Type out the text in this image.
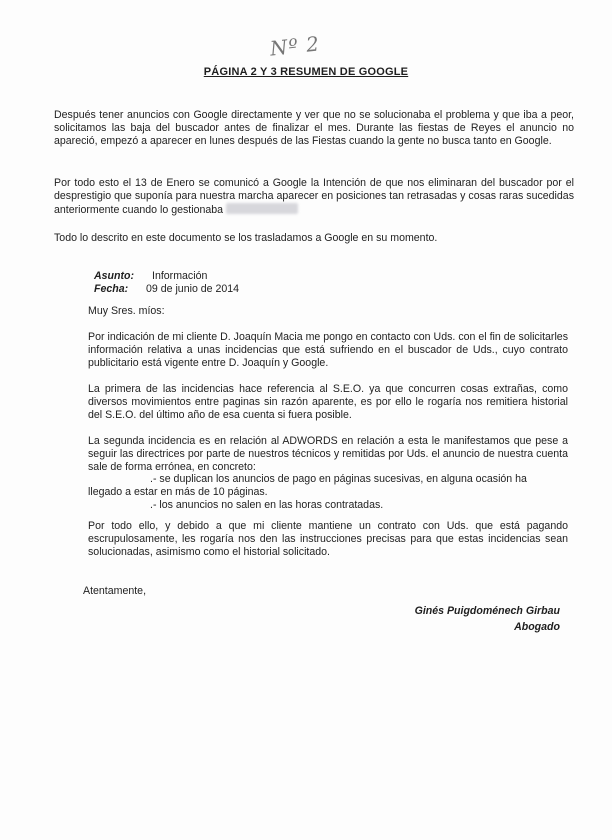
Nº 2
PÁGINA 2 Y 3 RESUMEN DE GOOGLE

Después tener anuncios con Google directamente y ver que no se solucionaba el problema y que iba a peor, solicitamos las baja del buscador antes de finalizar el mes. Durante las fiestas de Reyes el anuncio no apareció, empezó a aparecer en lunes después de las Fiestas cuando la gente no busca tanto en Google.

Por todo esto el 13 de Enero se comunicó a Google la Intención de que nos eliminaran del buscador por el desprestigio que suponía para nuestra marcha aparecer en posiciones tan retrasadas y cosas raras sucedidas anteriormente cuando lo gestionaba

Todo lo descrito en este documento se los trasladamos a Google en su momento.

Asunto: Información
Fecha: 09 de junio de 2014

Muy Sres. míos:

Por indicación de mi cliente D. Joaquín Macia me pongo en contacto con Uds. con el fin de solicitarles información relativa a unas incidencias que está sufriendo en el buscador de Uds., cuyo contrato publicitario está vigente entre D. Joaquín y Google.

La primera de las incidencias hace referencia al S.E.O. ya que concurren cosas extrañas, como diversos movimientos entre paginas sin razón aparente, es por ello le rogaría nos remitiera historial del S.E.O. del último año de esa cuenta si fuera posible.

La segunda incidencia es en relación al ADWORDS en relación a esta le manifestamos que pese a seguir las directrices por parte de nuestros técnicos y remitidas por Uds. el anuncio de nuestra cuenta sale de forma errónea, en concreto:

.- se duplican los anuncios de pago en páginas sucesivas, en alguna ocasión ha

llegado a estar en más de 10 páginas.

.- los anuncios no salen en las horas contratadas.

Por todo ello, y debido a que mi cliente mantiene un contrato con Uds. que está pagando escrupulosamente, les rogaría nos den las instrucciones precisas para que estas incidencias sean solucionadas, asimismo como el historial solicitado.

Atentamente,
Ginés Puigdoménech Girbau
Abogado
